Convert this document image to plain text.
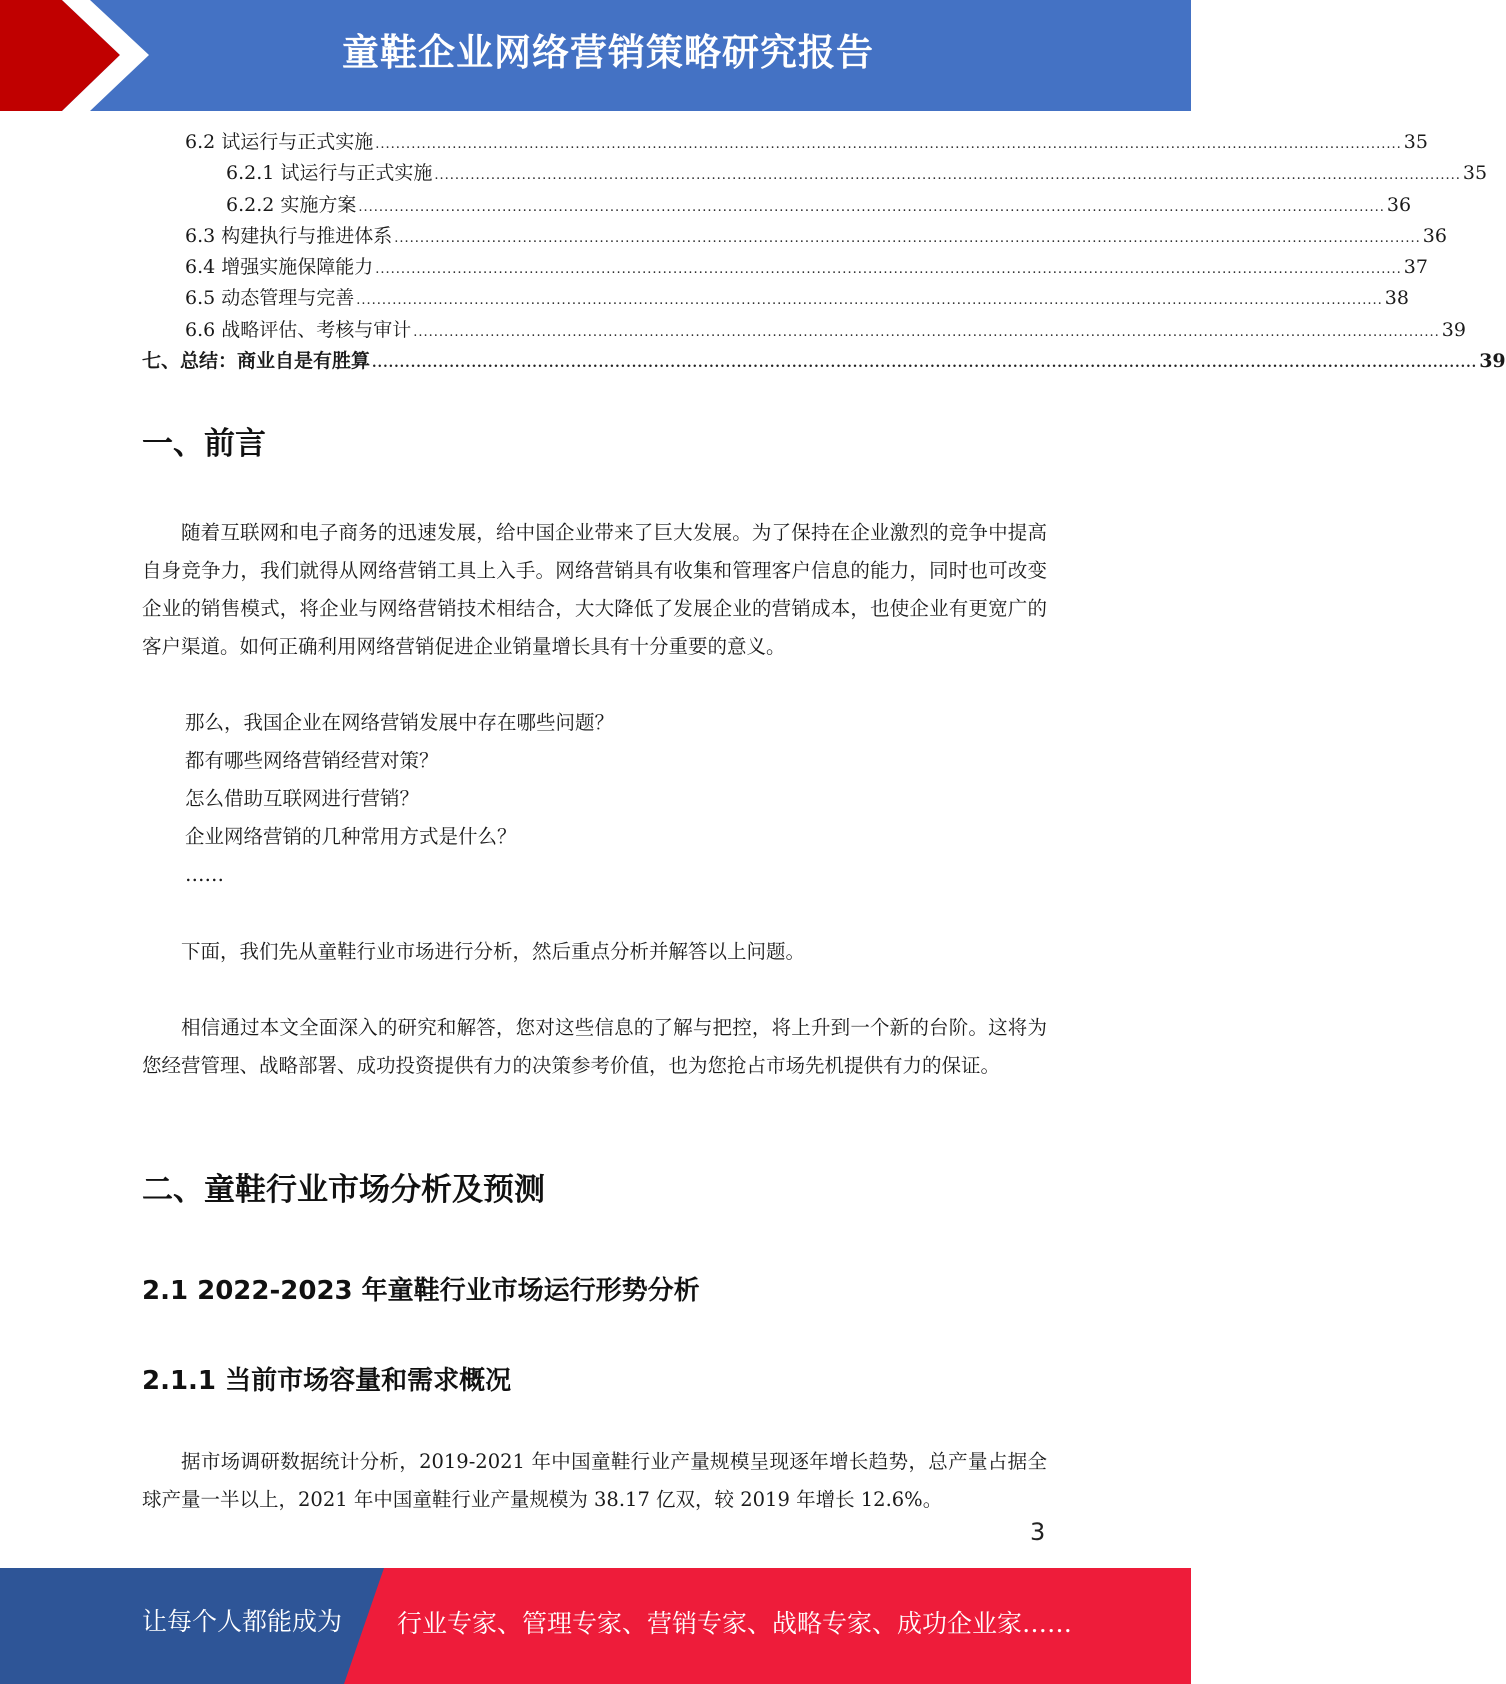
童鞋企业网络营销策略研究报告
6.2 试运行与正式实施 ........................................................................................................................................................................................................ 35
6.2.1 试运行与正式实施 ........................................................................................................................................................................................................ 35
6.2.2 实施方案 ........................................................................................................................................................................................................ 36
6.3 构建执行与推进体系 ........................................................................................................................................................................................................ 36
6.4 增强实施保障能力 ........................................................................................................................................................................................................ 37
6.5 动态管理与完善 ........................................................................................................................................................................................................ 38
6.6 战略评估、考核与审计 ........................................................................................................................................................................................................ 39
七、总结：商业自是有胜算 ........................................................................................................................................................................................................ 39
一、前言

随着互联网和电子商务的迅速发展，给中国企业带来了巨大发展。为了保持在企业激烈的竞争中提高自身竞争力，我们就得从网络营销工具上入手。网络营销具有收集和管理客户信息的能力，同时也可改变企业的销售模式，将企业与网络营销技术相结合，大大降低了发展企业的营销成本，也使企业有更宽广的客户渠道。如何正确利用网络营销促进企业销量增长具有十分重要的意义。

那么，我国企业在网络营销发展中存在哪些问题？
都有哪些网络营销经营对策？
怎么借助互联网进行营销？
企业网络营销的几种常用方式是什么？
……

下面，我们先从童鞋行业市场进行分析，然后重点分析并解答以上问题。

相信通过本文全面深入的研究和解答，您对这些信息的了解与把控，将上升到一个新的台阶。这将为您经营管理、战略部署、成功投资提供有力的决策参考价值，也为您抢占市场先机提供有力的保证。

二、童鞋行业市场分析及预测
2.1 2022-2023 年童鞋行业市场运行形势分析
2.1.1 当前市场容量和需求概况

据市场调研数据统计分析，2019-2021 年中国童鞋行业产量规模呈现逐年增长趋势，总产量占据全球产量一半以上，2021 年中国童鞋行业产量规模为 38.17 亿双，较 2019 年增长 12.6%。

3
让每个人都能成为 行业专家、管理专家、营销专家、战略专家、成功企业家……
